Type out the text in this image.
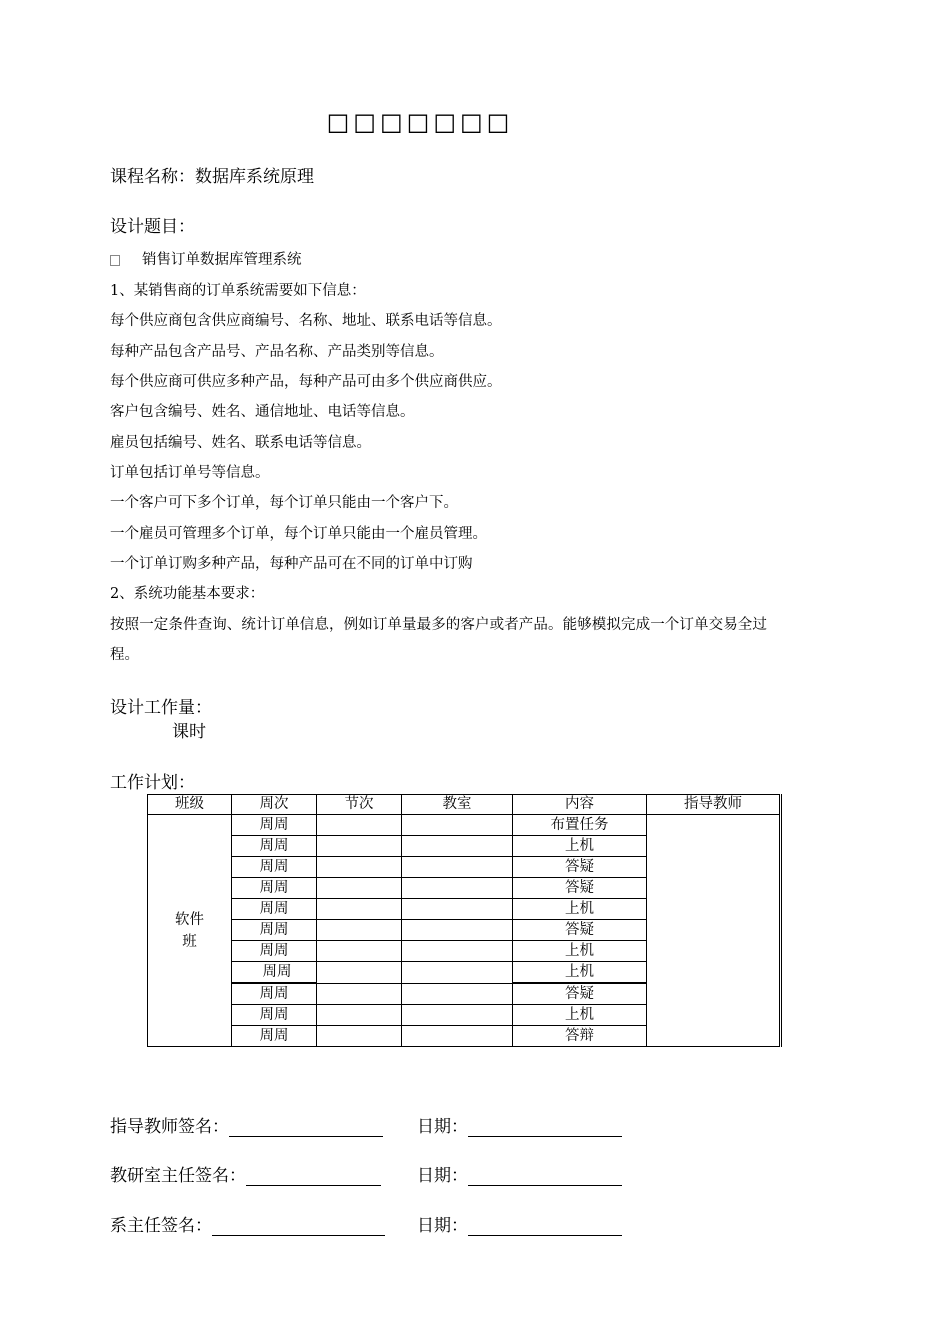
□□□□□□□
课程名称：数据库系统原理
设计题目：
销售订单数据库管理系统
1、某销售商的订单系统需要如下信息：
每个供应商包含供应商编号、名称、地址、联系电话等信息。
每种产品包含产品号、产品名称、产品类别等信息。
每个供应商可供应多种产品，每种产品可由多个供应商供应。
客户包含编号、姓名、通信地址、电话等信息。
雇员包括编号、姓名、联系电话等信息。
订单包括订单号等信息。
一个客户可下多个订单，每个订单只能由一个客户下。
一个雇员可管理多个订单，每个订单只能由一个雇员管理。
一个订单订购多种产品，每种产品可在不同的订单中订购
2、系统功能基本要求：
按照一定条件查询、统计订单信息，例如订单量最多的客户或者产品。能够模拟完成一个订单交易全过
程。
设计工作量：
课时
工作计划：
班级	周次	节次	教室	内容	指导教师

软件
班	周周			布置任务	
	周周			上机	
	周周			答疑	
	周周			答疑	
	周周			上机	
	周周			答疑	
	周周			上机	
	周周			上机	
	周周			答疑	
	周周			上机	
	周周			答辩	
指导教师签名：	日期：
教研室主任签名：	日期：
系主任签名：	日期：
